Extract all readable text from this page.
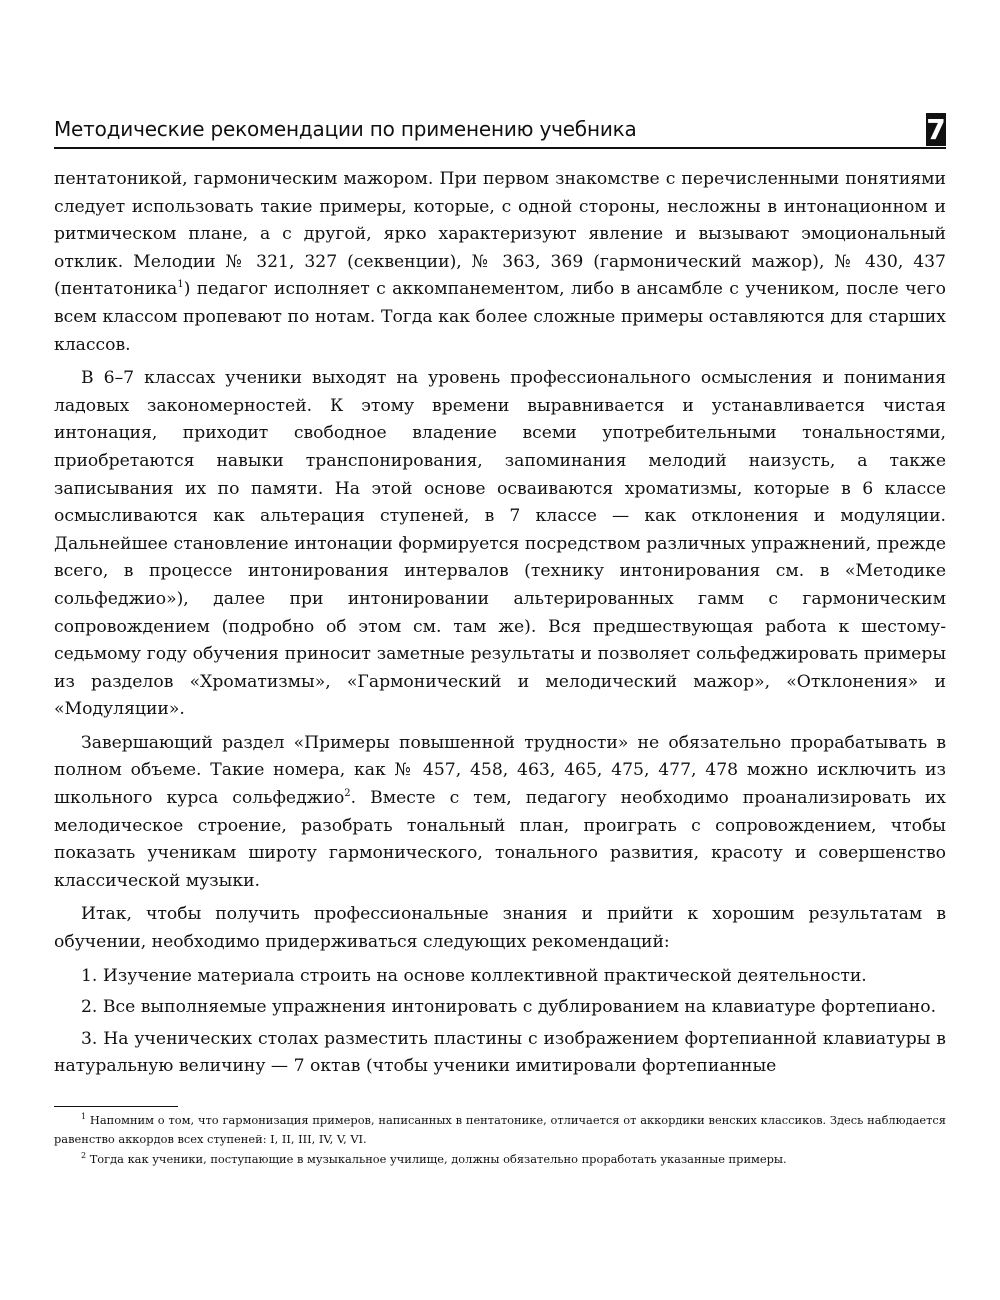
Методические рекомендации по применению учебника	7

пентатоникой, гармоническим мажором. При первом знакомстве с перечисленными понятиями следует использовать такие примеры, которые, с одной стороны, несложны в интонационном и ритмическом плане, а с другой, ярко характеризуют явление и вызывают эмоциональный отклик. Мелодии № 321, 327 (секвенции), № 363, 369 (гармонический мажор), № 430, 437 (пентатоника$^1$) педагог исполняет с аккомпанементом, либо в ансамбле с учеником, после чего всем классом пропевают по нотам. Тогда как более сложные примеры оставляются для старших классов.

В 6–7 классах ученики выходят на уровень профессионального осмысления и понимания ладовых закономерностей. К этому времени выравнивается и устанавливается чистая интонация, приходит свободное владение всеми употребительными тональностями, приобретаются навыки транспонирования, запоминания мелодий наизусть, а также записывания их по памяти. На этой основе осваиваются хроматизмы, которые в 6 классе осмысливаются как альтерация ступеней, в 7 классе — как отклонения и модуляции. Дальнейшее становление интонации формируется посредством различных упражнений, прежде всего, в процессе интонирования интервалов (технику интонирования см. в «Методике сольфеджио»), далее при интонировании альтерированных гамм с гармоническим сопровождением (подробно об этом см. там же). Вся предшествующая работа к шестому-седьмому году обучения приносит заметные результаты и позволяет сольфеджировать примеры из разделов «Хроматизмы», «Гармонический и мелодический мажор», «Отклонения» и «Модуляции».

Завершающий раздел «Примеры повышенной трудности» не обязательно прорабатывать в полном объеме. Такие номера, как № 457, 458, 463, 465, 475, 477, 478 можно исключить из школьного курса сольфеджио$^2$. Вместе с тем, педагогу необходимо проанализировать их мелодическое строение, разобрать тональный план, проиграть с сопровождением, чтобы показать ученикам широту гармонического, тонального развития, красоту и совершенство классической музыки.

Итак, чтобы получить профессиональные знания и прийти к хорошим результатам в обучении, необходимо придерживаться следующих рекомендаций:

1. Изучение материала строить на основе коллективной практической деятельности.

2. Все выполняемые упражнения интонировать с дублированием на клавиатуре фортепиано.

3. На ученических столах разместить пластины с изображением фортепианной клавиатуры в натуральную величину — 7 октав (чтобы ученики имитировали фортепианные

$^1$ Напомним о том, что гармонизация примеров, написанных в пентатонике, отличается от аккордики венских классиков. Здесь наблюдается равенство аккордов всех ступеней: I, II, III, IV, V, VI.

$^2$ Тогда как ученики, поступающие в музыкальное училище, должны обязательно проработать указанные примеры.
